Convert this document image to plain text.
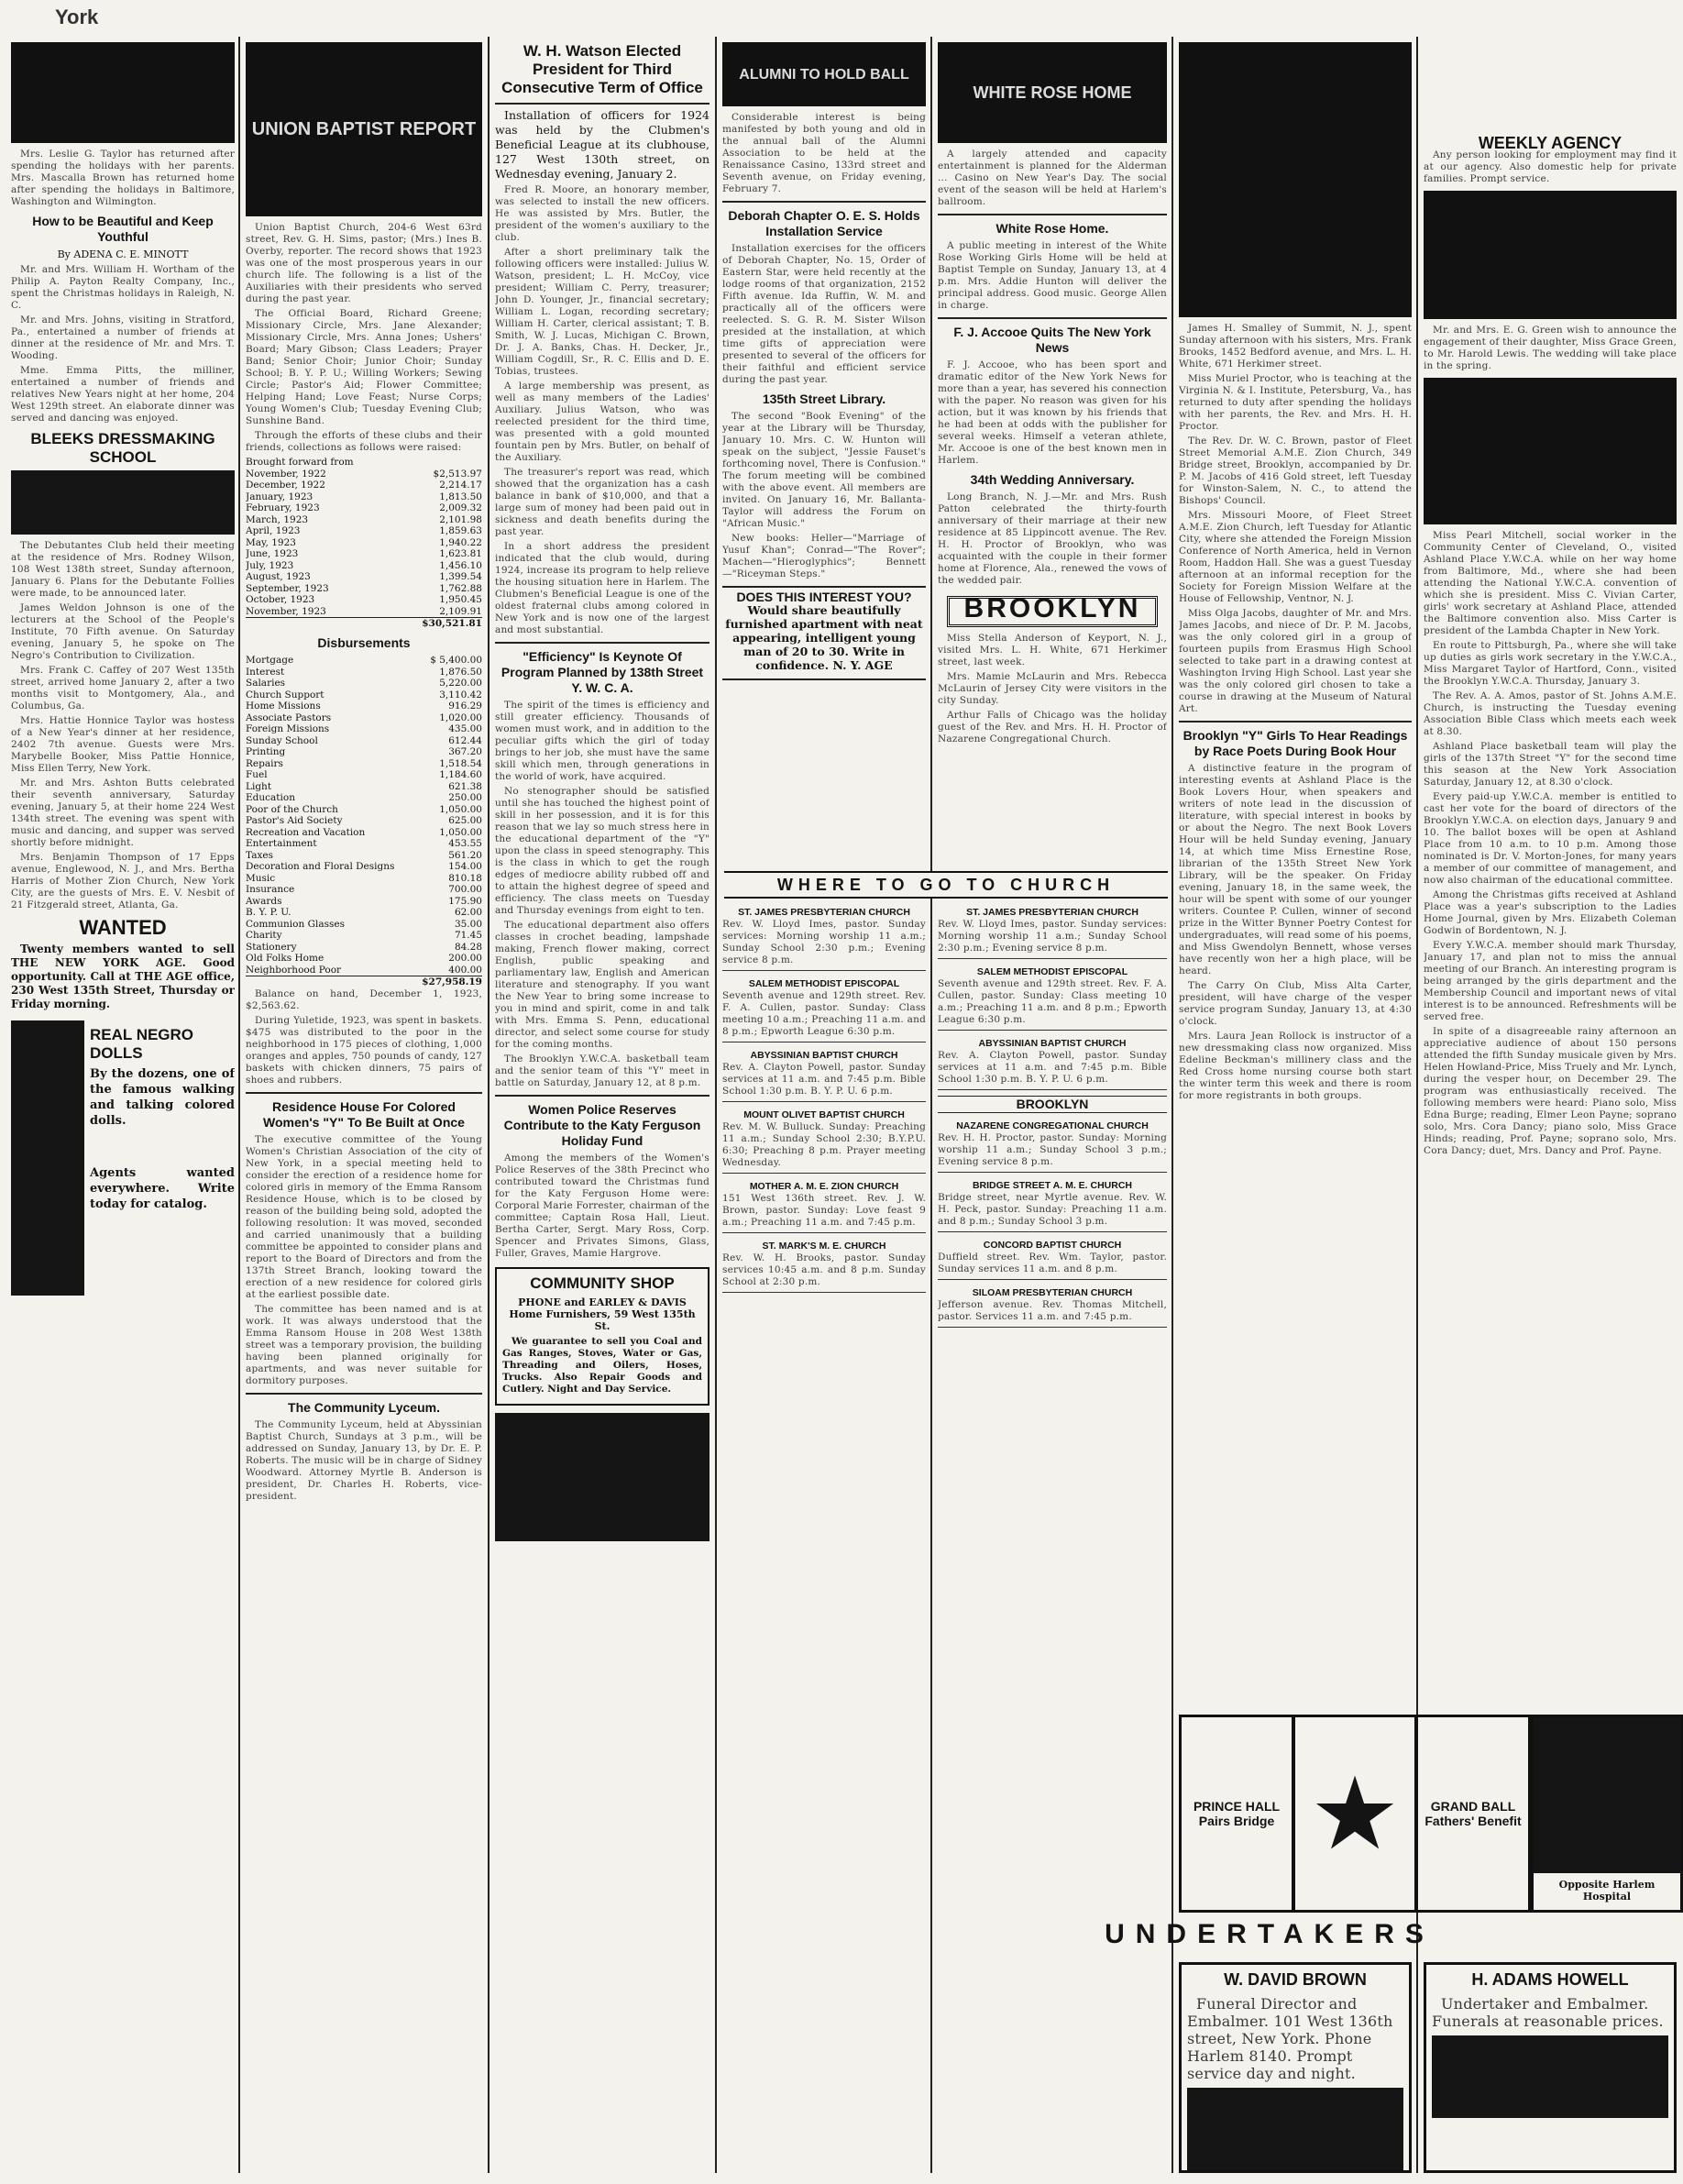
York

Mrs. Leslie G. Taylor has returned after spending the holidays with her parents. Mrs. Mascalla Brown has returned home after spending the holidays in Baltimore, Washington and Wilmington.

How to be Beautiful and Keep Youthful
By ADENA C. E. MINOTT

Mr. and Mrs. William H. Wortham of the Philip A. Payton Realty Company, Inc., spent the Christmas holidays in Raleigh, N. C.

Mr. and Mrs. Johns, visiting in Stratford, Pa., entertained a number of friends at dinner at the residence of Mr. and Mrs. T. Wooding.

Mme. Emma Pitts, the milliner, entertained a number of friends and relatives New Years night at her home, 204 West 129th street. An elaborate dinner was served and dancing was enjoyed.

BLEEKS DRESSMAKING SCHOOL

The Debutantes Club held their meeting at the residence of Mrs. Rodney Wilson, 108 West 138th street, Sunday afternoon, January 6. Plans for the Debutante Follies were made, to be announced later.

James Weldon Johnson is one of the lecturers at the School of the People's Institute, 70 Fifth avenue. On Saturday evening, January 5, he spoke on The Negro's Contribution to Civilization.

Mrs. Frank C. Caffey of 207 West 135th street, arrived home January 2, after a two months visit to Montgomery, Ala., and Columbus, Ga.

Mrs. Hattie Honnice Taylor was hostess of a New Year's dinner at her residence, 2402 7th avenue. Guests were Mrs. Marybelle Booker, Miss Pattie Honnice, Miss Ellen Terry, New York.

Mr. and Mrs. Ashton Butts celebrated their seventh anniversary, Saturday evening, January 5, at their home 224 West 134th street. The evening was spent with music and dancing, and supper was served shortly before midnight.

Mrs. Benjamin Thompson of 17 Epps avenue, Englewood, N. J., and Mrs. Bertha Harris of Mother Zion Church, New York City, are the guests of Mrs. E. V. Nesbit of 21 Fitzgerald street, Atlanta, Ga.

WANTED

Twenty members wanted to sell THE NEW YORK AGE. Good opportunity. Call at THE AGE office, 230 West 135th Street, Thursday or Friday morning.

REAL NEGRO DOLLS

By the dozens, one of the famous walking and talking colored dolls.

Agents wanted everywhere. Write today for catalog.

UNION BAPTIST REPORT

Union Baptist Church, 204-6 West 63rd street, Rev. G. H. Sims, pastor; (Mrs.) Ines B. Overby, reporter. The record shows that 1923 was one of the most prosperous years in our church life. The following is a list of the Auxiliaries with their presidents who served during the past year.

The Official Board, Richard Greene; Missionary Circle, Mrs. Jane Alexander; Missionary Circle, Mrs. Anna Jones; Ushers' Board; Mary Gibson; Class Leaders; Prayer Band; Senior Choir; Junior Choir; Sunday School; B. Y. P. U.; Willing Workers; Sewing Circle; Pastor's Aid; Flower Committee; Helping Hand; Love Feast; Nurse Corps; Young Women's Club; Tuesday Evening Club; Sunshine Band.

Through the efforts of these clubs and their friends, collections as follows were raised:

Brought forward from
November, 1922	$2,513.97
December, 1922	2,214.17
January, 1923	1,813.50
February, 1923	2,009.32
March, 1923	2,101.98
April, 1923	1,859.63
May, 1923	1,940.22
June, 1923	1,623.81
July, 1923	1,456.10
August, 1923	1,399.54
September, 1923	1,762.88
October, 1923	1,950.45
November, 1923	2,109.91
$30,521.81
Disbursements
Mortgage	$ 5,400.00
Interest	1,876.50
Salaries	5,220.00
Church Support	3,110.42
Home Missions	916.29
Associate Pastors	1,020.00
Foreign Missions	435.00
Sunday School	612.44
Printing	367.20
Repairs	1,518.54
Fuel	1,184.60
Light	621.38
Education	250.00
Poor of the Church	1,050.00
Pastor's Aid Society	625.00
Recreation and Vacation	1,050.00
Entertainment	453.55
Taxes	561.20
Decoration and Floral Designs	154.00
Music	810.18
Insurance	700.00
Awards	175.90
B. Y. P. U.	62.00
Communion Glasses	35.00
Charity	71.45
Stationery	84.28
Old Folks Home	200.00
Neighborhood Poor	400.00
$27,958.19

Balance on hand, December 1, 1923, $2,563.62.

During Yuletide, 1923, was spent in baskets. $475 was distributed to the poor in the neighborhood in 175 pieces of clothing, 1,000 oranges and apples, 750 pounds of candy, 127 baskets with chicken dinners, 75 pairs of shoes and rubbers.

Residence House For Colored Women's "Y" To Be Built at Once

The executive committee of the Young Women's Christian Association of the city of New York, in a special meeting held to consider the erection of a residence home for colored girls in memory of the Emma Ransom Residence House, which is to be closed by reason of the building being sold, adopted the following resolution: It was moved, seconded and carried unanimously that a building committee be appointed to consider plans and report to the Board of Directors and from the 137th Street Branch, looking toward the erection of a new residence for colored girls at the earliest possible date.

The committee has been named and is at work. It was always understood that the Emma Ransom House in 208 West 138th street was a temporary provision, the building having been planned originally for apartments, and was never suitable for dormitory purposes.

The Community Lyceum.

The Community Lyceum, held at Abyssinian Baptist Church, Sundays at 3 p.m., will be addressed on Sunday, January 13, by Dr. E. P. Roberts. The music will be in charge of Sidney Woodward. Attorney Myrtle B. Anderson is president, Dr. Charles H. Roberts, vice-president.

W. H. Watson Elected President for Third Consecutive Term of Office

Installation of officers for 1924 was held by the Clubmen's Beneficial League at its clubhouse, 127 West 130th street, on Wednesday evening, January 2.

Fred R. Moore, an honorary member, was selected to install the new officers. He was assisted by Mrs. Butler, the president of the women's auxiliary to the club.

After a short preliminary talk the following officers were installed: Julius W. Watson, president; L. H. McCoy, vice president; William C. Perry, treasurer; John D. Younger, Jr., financial secretary; William L. Logan, recording secretary; William H. Carter, clerical assistant; T. B. Smith, W. J. Lucas, Michigan C. Brown, Dr. J. A. Banks, Chas. H. Decker, Jr., William Cogdill, Sr., R. C. Ellis and D. E. Tobias, trustees.

A large membership was present, as well as many members of the Ladies' Auxiliary. Julius Watson, who was reelected president for the third time, was presented with a gold mounted fountain pen by Mrs. Butler, on behalf of the Auxiliary.

The treasurer's report was read, which showed that the organization has a cash balance in bank of $10,000, and that a large sum of money had been paid out in sickness and death benefits during the past year.

In a short address the president indicated that the club would, during 1924, increase its program to help relieve the housing situation here in Harlem. The Clubmen's Beneficial League is one of the oldest fraternal clubs among colored in New York and is now one of the largest and most substantial.

"Efficiency" Is Keynote Of Program Planned by 138th Street Y. W. C. A.

The spirit of the times is efficiency and still greater efficiency. Thousands of women must work, and in addition to the peculiar gifts which the girl of today brings to her job, she must have the same skill which men, through generations in the world of work, have acquired.

No stenographer should be satisfied until she has touched the highest point of skill in her possession, and it is for this reason that we lay so much stress here in the educational department of the "Y" upon the class in speed stenography. This is the class in which to get the rough edges of mediocre ability rubbed off and to attain the highest degree of speed and efficiency. The class meets on Tuesday and Thursday evenings from eight to ten.

The educational department also offers classes in crochet beading, lampshade making, French flower making, correct English, public speaking and parliamentary law, English and American literature and stenography. If you want the New Year to bring some increase to you in mind and spirit, come in and talk with Mrs. Emma S. Penn, educational director, and select some course for study for the coming months.

The Brooklyn Y.W.C.A. basketball team and the senior team of this "Y" meet in battle on Saturday, January 12, at 8 p.m.

Women Police Reserves Contribute to the Katy Ferguson Holiday Fund

Among the members of the Women's Police Reserves of the 38th Precinct who contributed toward the Christmas fund for the Katy Ferguson Home were: Corporal Marie Forrester, chairman of the committee; Captain Rosa Hall, Lieut. Bertha Carter, Sergt. Mary Ross, Corp. Spencer and Privates Simons, Glass, Fuller, Graves, Mamie Hargrove.

COMMUNITY SHOP
PHONE and EARLEY & DAVIS Home Furnishers, 59 West 135th St.

We guarantee to sell you Coal and Gas Ranges, Stoves, Water or Gas, Threading and Oilers, Hoses, Trucks. Also Repair Goods and Cutlery. Night and Day Service.

ALUMNI TO HOLD BALL

Considerable interest is being manifested by both young and old in the annual ball of the Alumni Association to be held at the Renaissance Casino, 133rd street and Seventh avenue, on Friday evening, February 7.

Deborah Chapter O. E. S. Holds Installation Service

Installation exercises for the officers of Deborah Chapter, No. 15, Order of Eastern Star, were held recently at the lodge rooms of that organization, 2152 Fifth avenue. Ida Ruffin, W. M. and practically all of the officers were reelected. S. G. R. M. Sister Wilson presided at the installation, at which time gifts of appreciation were presented to several of the officers for their faithful and efficient service during the past year.

135th Street Library.

The second "Book Evening" of the year at the Library will be Thursday, January 10. Mrs. C. W. Hunton will speak on the subject, "Jessie Fauset's forthcoming novel, There is Confusion." The forum meeting will be combined with the above event. All members are invited. On January 16, Mr. Ballanta-Taylor will address the Forum on "African Music."

New books: Heller—"Marriage of Yusuf Khan"; Conrad—"The Rover"; Machen—"Hieroglyphics"; Bennett—"Riceyman Steps."

DOES THIS INTEREST YOU?

Would share beautifully furnished apartment with neat appearing, intelligent young man of 20 to 30. Write in confidence. N. Y. AGE

WHERE TO GO TO CHURCH
ST. JAMES PRESBYTERIAN CHURCH
Rev. W. Lloyd Imes, pastor. Sunday services: Morning worship 11 a.m.; Sunday School 2:30 p.m.; Evening service 8 p.m.
SALEM METHODIST EPISCOPAL
Seventh avenue and 129th street. Rev. F. A. Cullen, pastor. Sunday: Class meeting 10 a.m.; Preaching 11 a.m. and 8 p.m.; Epworth League 6:30 p.m.
ABYSSINIAN BAPTIST CHURCH
Rev. A. Clayton Powell, pastor. Sunday services at 11 a.m. and 7:45 p.m. Bible School 1:30 p.m. B. Y. P. U. 6 p.m.
MOUNT OLIVET BAPTIST CHURCH
Rev. M. W. Bulluck. Sunday: Preaching 11 a.m.; Sunday School 2:30; B.Y.P.U. 6:30; Preaching 8 p.m. Prayer meeting Wednesday.
MOTHER A. M. E. ZION CHURCH
151 West 136th street. Rev. J. W. Brown, pastor. Sunday: Love feast 9 a.m.; Preaching 11 a.m. and 7:45 p.m.
ST. MARK'S M. E. CHURCH
Rev. W. H. Brooks, pastor. Sunday services 10:45 a.m. and 8 p.m. Sunday School at 2:30 p.m.
WHITE ROSE HOME

A largely attended and capacity entertainment is planned for the Alderman ... Casino on New Year's Day. The social event of the season will be held at Harlem's ballroom.

White Rose Home.

A public meeting in interest of the White Rose Working Girls Home will be held at Baptist Temple on Sunday, January 13, at 4 p.m. Mrs. Addie Hunton will deliver the principal address. Good music. George Allen in charge.

F. J. Accooe Quits The New York News

F. J. Accooe, who has been sport and dramatic editor of the New York News for more than a year, has severed his connection with the paper. No reason was given for his action, but it was known by his friends that he had been at odds with the publisher for several weeks. Himself a veteran athlete, Mr. Accooe is one of the best known men in Harlem.

34th Wedding Anniversary.

Long Branch, N. J.—Mr. and Mrs. Rush Patton celebrated the thirty-fourth anniversary of their marriage at their new residence at 85 Lippincott avenue. The Rev. H. H. Proctor of Brooklyn, who was acquainted with the couple in their former home at Florence, Ala., renewed the vows of the wedded pair.

BROOKLYN

Miss Stella Anderson of Keyport, N. J., visited Mrs. L. H. White, 671 Herkimer street, last week.

Mrs. Mamie McLaurin and Mrs. Rebecca McLaurin of Jersey City were visitors in the city Sunday.

Arthur Falls of Chicago was the holiday guest of the Rev. and Mrs. H. H. Proctor of Nazarene Congregational Church.

ST. JAMES PRESBYTERIAN CHURCH
Rev. W. Lloyd Imes, pastor. Sunday services: Morning worship 11 a.m.; Sunday School 2:30 p.m.; Evening service 8 p.m.
SALEM METHODIST EPISCOPAL
Seventh avenue and 129th street. Rev. F. A. Cullen, pastor. Sunday: Class meeting 10 a.m.; Preaching 11 a.m. and 8 p.m.; Epworth League 6:30 p.m.
ABYSSINIAN BAPTIST CHURCH
Rev. A. Clayton Powell, pastor. Sunday services at 11 a.m. and 7:45 p.m. Bible School 1:30 p.m. B. Y. P. U. 6 p.m.
BROOKLYN
NAZARENE CONGREGATIONAL CHURCH
Rev. H. H. Proctor, pastor. Sunday: Morning worship 11 a.m.; Sunday School 3 p.m.; Evening service 8 p.m.
BRIDGE STREET A. M. E. CHURCH
Bridge street, near Myrtle avenue. Rev. W. H. Peck, pastor. Sunday: Preaching 11 a.m. and 8 p.m.; Sunday School 3 p.m.
CONCORD BAPTIST CHURCH
Duffield street. Rev. Wm. Taylor, pastor. Sunday services 11 a.m. and 8 p.m.
SILOAM PRESBYTERIAN CHURCH
Jefferson avenue. Rev. Thomas Mitchell, pastor. Services 11 a.m. and 7:45 p.m.

James H. Smalley of Summit, N. J., spent Sunday afternoon with his sisters, Mrs. Frank Brooks, 1452 Bedford avenue, and Mrs. L. H. White, 671 Herkimer street.

Miss Muriel Proctor, who is teaching at the Virginia N. & I. Institute, Petersburg, Va., has returned to duty after spending the holidays with her parents, the Rev. and Mrs. H. H. Proctor.

The Rev. Dr. W. C. Brown, pastor of Fleet Street Memorial A.M.E. Zion Church, 349 Bridge street, Brooklyn, accompanied by Dr. P. M. Jacobs of 416 Gold street, left Tuesday for Winston-Salem, N. C., to attend the Bishops' Council.

Mrs. Missouri Moore, of Fleet Street A.M.E. Zion Church, left Tuesday for Atlantic City, where she attended the Foreign Mission Conference of North America, held in Vernon Room, Haddon Hall. She was a guest Tuesday afternoon at an informal reception for the Society for Foreign Mission Welfare at the House of Fellowship, Ventnor, N. J.

Miss Olga Jacobs, daughter of Mr. and Mrs. James Jacobs, and niece of Dr. P. M. Jacobs, was the only colored girl in a group of fourteen pupils from Erasmus High School selected to take part in a drawing contest at Washington Irving High School. Last year she was the only colored girl chosen to take a course in drawing at the Museum of Natural Art.

Brooklyn "Y" Girls To Hear Readings by Race Poets During Book Hour

A distinctive feature in the program of interesting events at Ashland Place is the Book Lovers Hour, when speakers and writers of note lead in the discussion of literature, with special interest in books by or about the Negro. The next Book Lovers Hour will be held Sunday evening, January 14, at which time Miss Ernestine Rose, librarian of the 135th Street New York Library, will be the speaker. On Friday evening, January 18, in the same week, the hour will be spent with some of our younger writers. Countee P. Cullen, winner of second prize in the Witter Bynner Poetry Contest for undergraduates, will read some of his poems, and Miss Gwendolyn Bennett, whose verses have recently won her a high place, will be heard.

The Carry On Club, Miss Alta Carter, president, will have charge of the vesper service program Sunday, January 13, at 4:30 o'clock.

Mrs. Laura Jean Rollock is instructor of a new dressmaking class now organized. Miss Edeline Beckman's millinery class and the Red Cross home nursing course both start the winter term this week and there is room for more registrants in both groups.

WEEKLY AGENCY

Any person looking for employment may find it at our agency. Also domestic help for private families. Prompt service.

Mr. and Mrs. E. G. Green wish to announce the engagement of their daughter, Miss Grace Green, to Mr. Harold Lewis. The wedding will take place in the spring.

Miss Pearl Mitchell, social worker in the Community Center of Cleveland, O., visited Ashland Place Y.W.C.A. while on her way home from Baltimore, Md., where she had been attending the National Y.W.C.A. convention of which she is president. Miss C. Vivian Carter, girls' work secretary at Ashland Place, attended the Baltimore convention also. Miss Carter is president of the Lambda Chapter in New York.

En route to Pittsburgh, Pa., where she will take up duties as girls work secretary in the Y.W.C.A., Miss Margaret Taylor of Hartford, Conn., visited the Brooklyn Y.W.C.A. Thursday, January 3.

The Rev. A. A. Amos, pastor of St. Johns A.M.E. Church, is instructing the Tuesday evening Association Bible Class which meets each week at 8.30.

Ashland Place basketball team will play the girls of the 137th Street "Y" for the second time this season at the New York Association Saturday, January 12, at 8.30 o'clock.

Every paid-up Y.W.C.A. member is entitled to cast her vote for the board of directors of the Brooklyn Y.W.C.A. on election days, January 9 and 10. The ballot boxes will be open at Ashland Place from 10 a.m. to 10 p.m. Among those nominated is Dr. V. Morton-Jones, for many years a member of our committee of management, and now also chairman of the educational committee.

Among the Christmas gifts received at Ashland Place was a year's subscription to the Ladies Home Journal, given by Mrs. Elizabeth Coleman Godwin of Bordentown, N. J.

Every Y.W.C.A. member should mark Thursday, January 17, and plan not to miss the annual meeting of our Branch. An interesting program is being arranged by the girls department and the Membership Council and important news of vital interest is to be announced. Refreshments will be served free.

In spite of a disagreeable rainy afternoon an appreciative audience of about 150 persons attended the fifth Sunday musicale given by Mrs. Helen Howland-Price, Miss Truely and Mr. Lynch, during the vesper hour, on December 29. The program was enthusiastically received. The following members were heard: Piano solo, Miss Edna Burge; reading, Elmer Leon Payne; soprano solo, Mrs. Cora Dancy; piano solo, Miss Grace Hinds; reading, Prof. Payne; soprano solo, Mrs. Cora Dancy; duet, Mrs. Dancy and Prof. Payne.

PRINCE HALL Pairs Bridge ★	GRAND BALL Fathers' Benefit
Opposite Harlem Hospital
UNDERTAKERS
W. DAVID BROWN

Funeral Director and Embalmer. 101 West 136th street, New York. Phone Harlem 8140. Prompt service day and night.

H. ADAMS HOWELL

Undertaker and Embalmer. Funerals at reasonable prices.
